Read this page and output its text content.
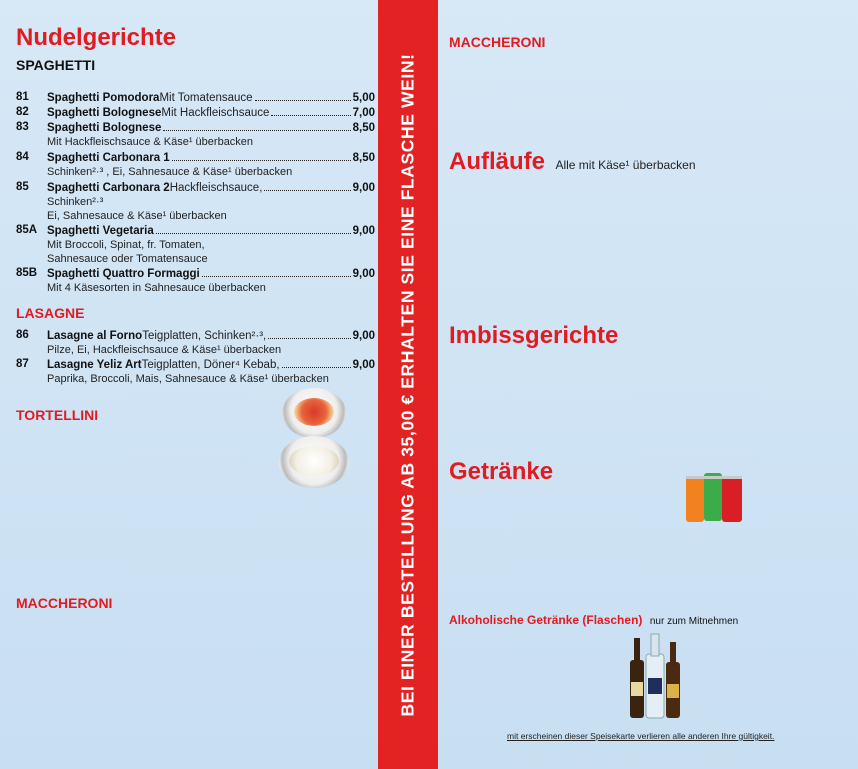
Nudelgerichte
SPAGHETTI
81 Spaghetti Pomodora Mit Tomatensauce	5,00
82 Spaghetti Bolognese Mit Hackfleischsauce	7,00
83 Spaghetti Bolognese	8,50
Mit Hackfleischsauce & Käse¹ überbacken
84 Spaghetti Carbonara 1	8,50
Schinken²·³ , Ei, Sahnesauce & Käse¹ überbacken
85 Spaghetti Carbonara 2 Hackfleischsauce,	9,00
Schinken²·³
Ei, Sahnesauce & Käse¹ überbacken
85A Spaghetti Vegetaria	9,00
Mit Broccoli, Spinat, fr. Tomaten,
Sahnesauce oder Tomatensauce
85B Spaghetti Quattro Formaggi	9,00
Mit 4 Käsesorten in Sahnesauce überbacken
LASAGNE
86 Lasagne al Forno Teigplatten, Schinken²·³,	9,00
Pilze, Ei, Hackfleischsauce & Käse¹ überbacken
87 Lasagne Yeliz Art Teigplatten, Döner⁴ Kebab,	9,00
Paprika, Broccoli, Mais, Sahnesauce & Käse¹ überbacken
TORTELLINI
MACCHERONI	BEI EINER BESTELLUNG AB 35,00 € ERHALTEN SIE EINE FLASCHE WEIN!
MACCHERONI
Aufläufe Alle mit Käse¹ überbacken
Imbissgerichte
Getränke
Alkoholische Getränke (Flaschen) nur zum Mitnehmen
mit erscheinen dieser Speisekarte verlieren alle anderen Ihre gültigkeit.
